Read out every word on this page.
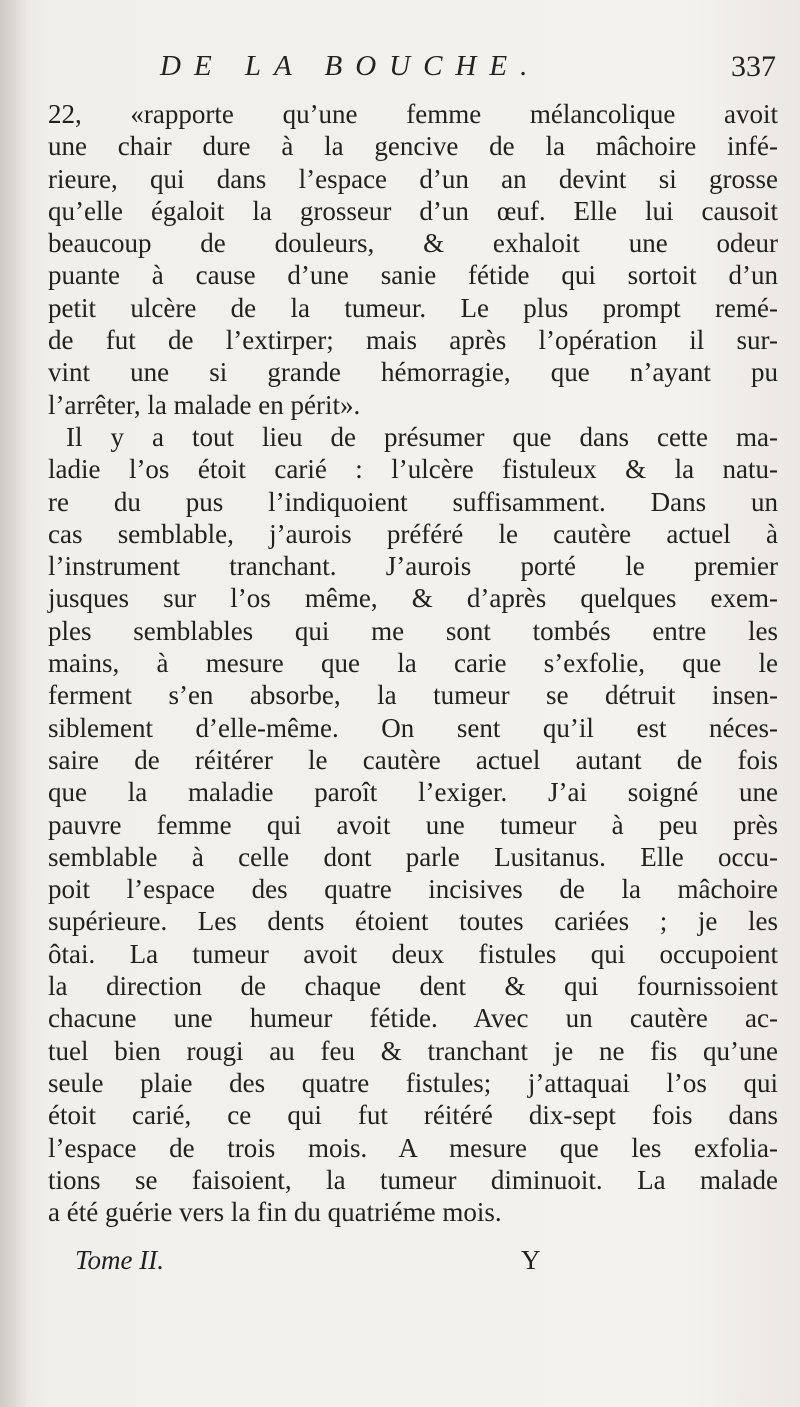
DE LA BOUCHE.	337
22, «rapporte qu’une femme mélancolique avoit
une chair dure à la gencive de la mâchoire infé-
rieure, qui dans l’espace d’un an devint si grosse
qu’elle égaloit la grosseur d’un œuf. Elle lui causoit
beaucoup de douleurs, & exhaloit une odeur
puante à cause d’une sanie fétide qui sortoit d’un
petit ulcère de la tumeur. Le plus prompt remé-
de fut de l’extirper; mais après l’opération il sur-
vint une si grande hémorragie, que n’ayant pu
l’arrêter, la malade en périt».
Il y a tout lieu de présumer que dans cette ma-
ladie l’os étoit carié : l’ulcère fistuleux & la natu-
re du pus l’indiquoient suffisamment. Dans un
cas semblable, j’aurois préféré le cautère actuel à
l’instrument tranchant. J’aurois porté le premier
jusques sur l’os même, & d’après quelques exem-
ples semblables qui me sont tombés entre les
mains, à mesure que la carie s’exfolie, que le
ferment s’en absorbe, la tumeur se détruit insen-
siblement d’elle-même. On sent qu’il est néces-
saire de réitérer le cautère actuel autant de fois
que la maladie paroît l’exiger. J’ai soigné une
pauvre femme qui avoit une tumeur à peu près
semblable à celle dont parle Lusitanus. Elle occu-
poit l’espace des quatre incisives de la mâchoire
supérieure. Les dents étoient toutes cariées ; je les
ôtai. La tumeur avoit deux fistules qui occupoient
la direction de chaque dent & qui fournissoient
chacune une humeur fétide. Avec un cautère ac-
tuel bien rougi au feu & tranchant je ne fis qu’une
seule plaie des quatre fistules; j’attaquai l’os qui
étoit carié, ce qui fut réitéré dix-sept fois dans
l’espace de trois mois. A mesure que les exfolia-
tions se faisoient, la tumeur diminuoit. La malade
a été guérie vers la fin du quatriéme mois.
Tome II.	Y
